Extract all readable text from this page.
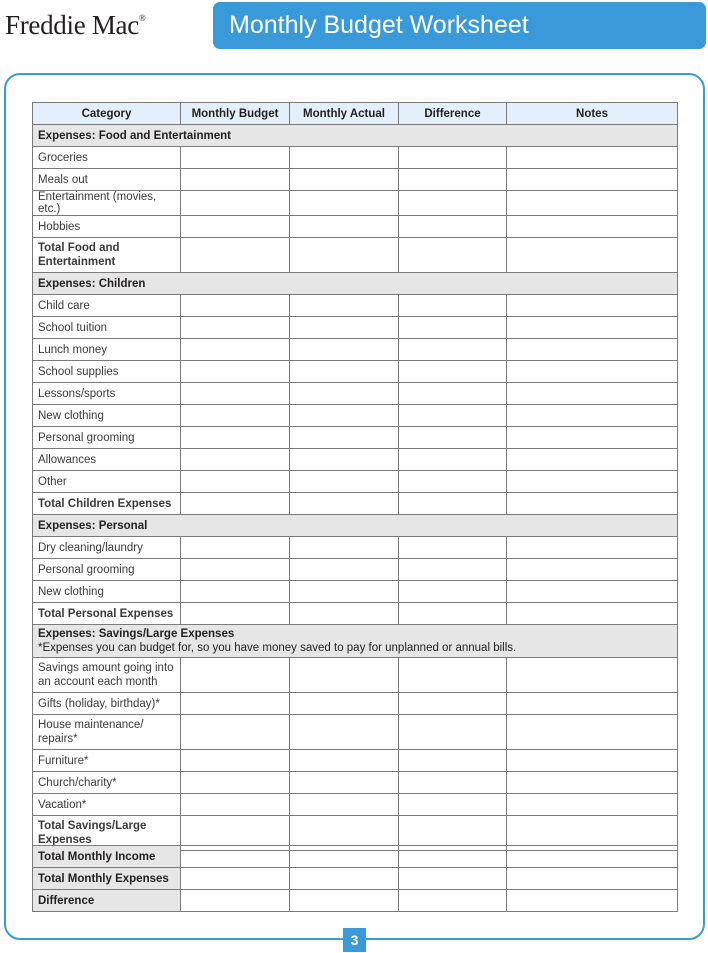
Freddie Mac®	Monthly Budget Worksheet
Category	Monthly Budget	Monthly Actual	Difference	Notes
Expenses: Food and Entertainment				
Groceries				
Meals out				
Entertainment (movies, etc.)				
Hobbies				
Total Food and Entertainment				
Expenses: Children				
Child care				
School tuition				
Lunch money				
School supplies				
Lessons/sports				
New clothing				
Personal grooming				
Allowances				
Other				
Total Children Expenses				
Expenses: Personal				
Dry cleaning/laundry				
Personal grooming				
New clothing				
Total Personal Expenses				

Expenses: Savings/Large Expenses
*Expenses you can budget for, so you have money saved to pay for unplanned or annual bills.				

Savings amount going into an account each month				
Gifts (holiday, birthday)*				
House maintenance/ repairs*				
Furniture*				
Church/charity*				
Vacation*				
Total Savings/Large Expenses				
Total Monthly Income				
Total Monthly Expenses				
Difference				
3
